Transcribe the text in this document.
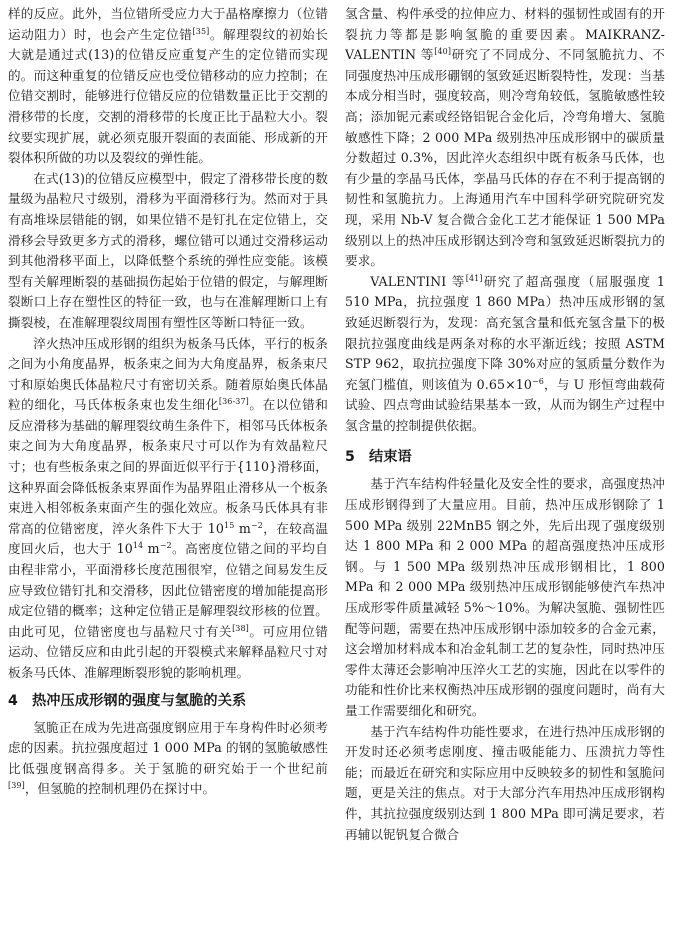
样的反应。此外，当位错所受应力大于晶格摩擦力（位错运动阻力）时，也会产生定位错[35]。解理裂纹的初始长大就是通过式(13)的位错反应重复产生的定位错而实现的。而这种重复的位错反应也受位错移动的应力控制；在位错交割时，能够进行位错反应的位错数量正比于交割的滑移带的长度，交割的滑移带的长度正比于晶粒大小。裂纹要实现扩展，就必须克服开裂面的表面能、形成新的开裂体积所做的功以及裂纹的弹性能。

在式(13)的位错反应模型中，假定了滑移带长度的数量级为晶粒尺寸级别，滑移为平面滑移行为。然而对于具有高堆垛层错能的钢，如果位错不是钉扎在定位错上，交滑移会导致更多方式的滑移，螺位错可以通过交滑移运动到其他滑移平面上，以降低整个系统的弹性应变能。该模型有关解理断裂的基础损伤起始于位错的假定，与解理断裂断口上存在塑性区的特征一致，也与在准解理断口上有撕裂棱，在准解理裂纹周围有塑性区等断口特征一致。

淬火热冲压成形钢的组织为板条马氏体，平行的板条之间为小角度晶界，板条束之间为大角度晶界，板条束尺寸和原始奥氏体晶粒尺寸有密切关系。随着原始奥氏体晶粒的细化，马氏体板条束也发生细化[36-37]。在以位错和反应滑移为基础的解理裂纹萌生条件下，相邻马氏体板条束之间为大角度晶界，板条束尺寸可以作为有效晶粒尺寸；也有些板条束之间的界面近似平行于{110}滑移面，这种界面会降低板条束界面作为晶界阻止滑移从一个板条束进入相邻板条束面产生的强化效应。板条马氏体具有非常高的位错密度，淬火条件下大于 $10^{15}$ $m^{-2}$，在较高温度回火后，也大于 $10^{14}$ $m^{-2}$。高密度位错之间的平均自由程非常小，平面滑移长度范围很窄，位错之间易发生反应导致位错钉扎和交滑移，因此位错密度的增加能提高形成定位错的概率；这种定位错正是解理裂纹形核的位置。由此可见，位错密度也与晶粒尺寸有关[38]。可应用位错运动、位错反应和由此引起的开裂模式来解释晶粒尺寸对板条马氏体、准解理断裂形貌的影响机理。

4 热冲压成形钢的强度与氢脆的关系

氢脆正在成为先进高强度钢应用于车身构件时必须考虑的因素。抗拉强度超过 1 000 MPa 的钢的氢脆敏感性比低强度钢高得多。关于氢脆的研究始于一个世纪前[39]，但氢脆的控制机理仍在探讨中。

氢含量、构件承受的拉伸应力、材料的强韧性或固有的开裂抗力等都是影响氢脆的重要因素。MAIKRANZ-VALENTIN 等[40]研究了不同成分、不同氢脆抗力、不同强度热冲压成形硼钢的氢致延迟断裂特性，发现：当基本成分相当时，强度较高，则冷弯角较低，氢脆敏感性较高；添加铌元素或经铬铝铌合金化后，冷弯角增大、氢脆敏感性下降；2 000 MPa 级别热冲压成形钢中的碳质量分数超过 0.3%，因此淬火态组织中既有板条马氏体，也有少量的孪晶马氏体，孪晶马氏体的存在不利于提高钢的韧性和氢脆抗力。上海通用汽车中国科学研究院研究发现，采用 Nb-V 复合微合金化工艺才能保证 1 500 MPa 级别以上的热冲压成形钢达到冷弯和氢致延迟断裂抗力的要求。

VALENTINI 等[41]研究了超高强度（屈服强度 1 510 MPa，抗拉强度 1 860 MPa）热冲压成形钢的氢致延迟断裂行为，发现：高充氢含量和低充氢含量下的极限抗拉强度曲线是两条对称的水平渐近线；按照 ASTM STP 962，取抗拉强度下降 30%对应的氢质量分数作为充氢门槛值，则该值为 $0.65\times 10^{-6}$，与 U 形恒弯曲载荷试验、四点弯曲试验结果基本一致，从而为钢生产过程中氢含量的控制提供依据。

5 结束语

基于汽车结构件轻量化及安全性的要求，高强度热冲压成形钢得到了大量应用。目前，热冲压成形钢除了 1 500 MPa 级别 22MnB5 钢之外，先后出现了强度级别达 1 800 MPa 和 2 000 MPa 的超高强度热冲压成形钢。与 1 500 MPa 级别热冲压成形钢相比，1 800 MPa 和 2 000 MPa 级别热冲压成形钢能够使汽车热冲压成形零件质量减轻 5%～10%。为解决氢脆、强韧性匹配等问题，需要在热冲压成形钢中添加较多的合金元素，这会增加材料成本和冶金轧制工艺的复杂性，同时热冲压零件太薄还会影响冲压淬火工艺的实施，因此在以零件的功能和性价比来权衡热冲压成形钢的强度问题时，尚有大量工作需要细化和研究。

基于汽车结构件功能性要求，在进行热冲压成形钢的开发时还必须考虑刚度、撞击吸能能力、压溃抗力等性能；而最近在研究和实际应用中反映较多的韧性和氢脆问题，更是关注的焦点。对于大部分汽车用热冲压成形钢构件，其抗拉强度级别达到 1 800 MPa 即可满足要求，若再辅以铌钒复合微合
